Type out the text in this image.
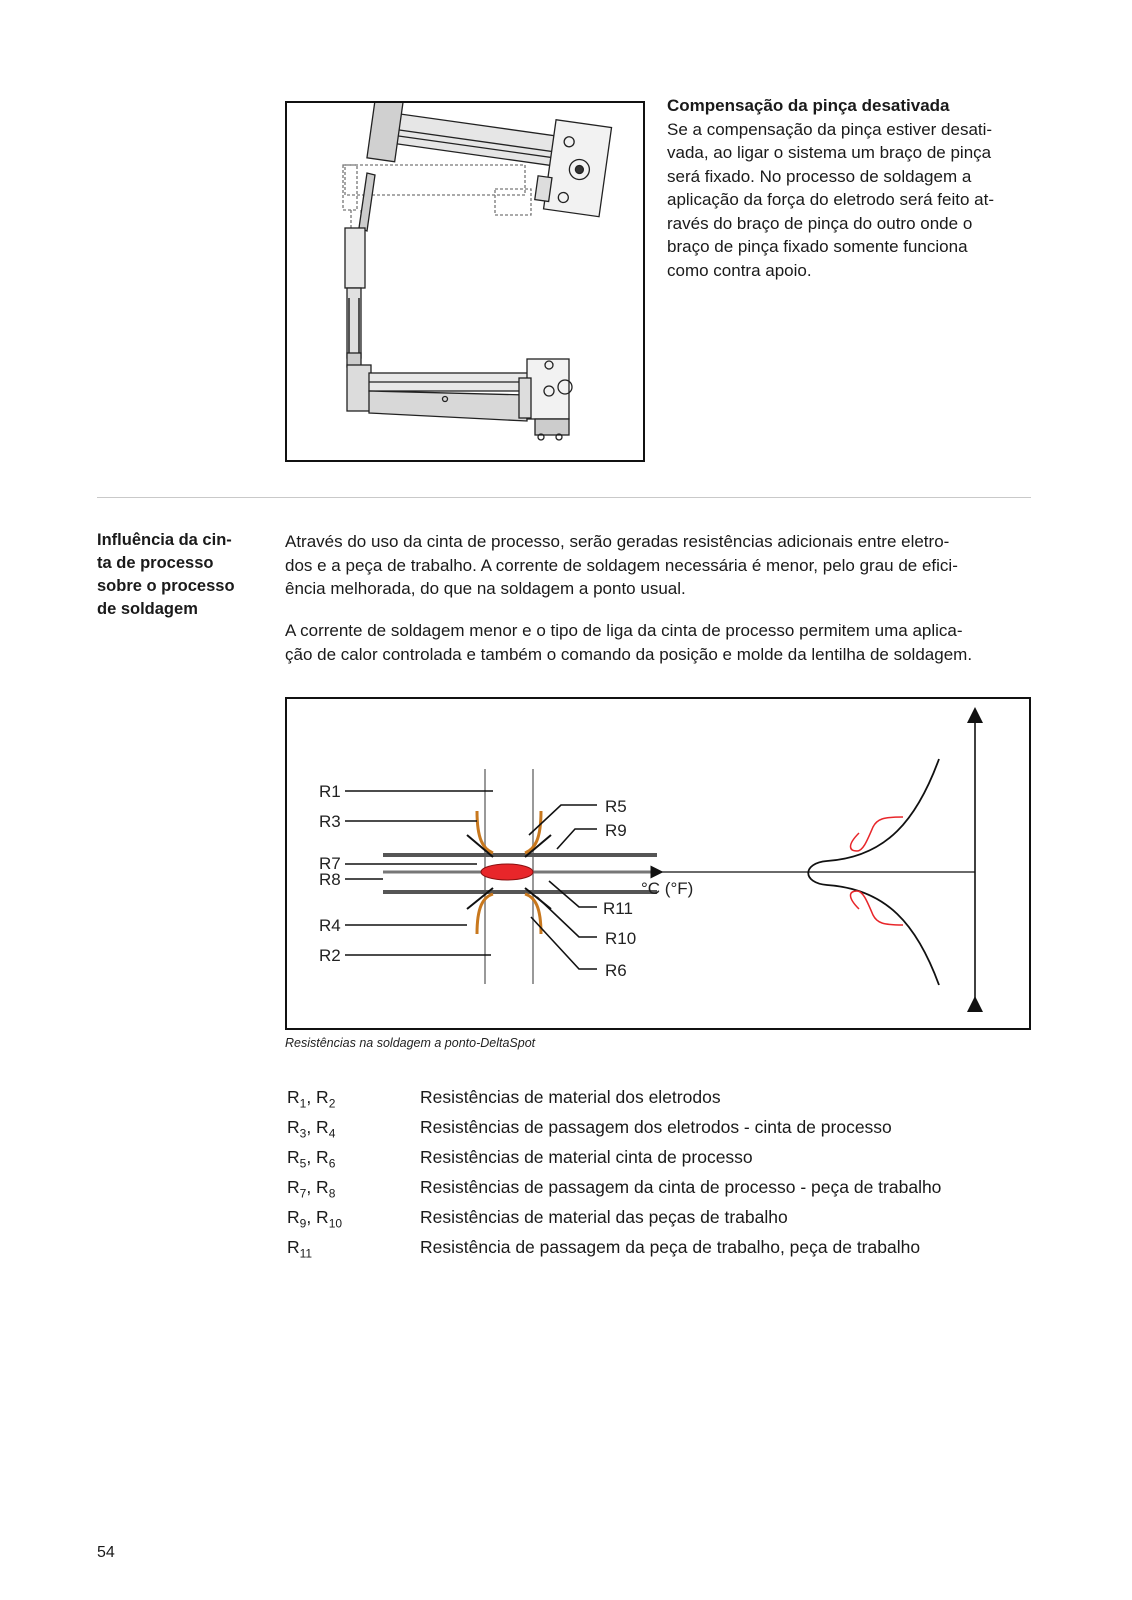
Compensação da pinça desativada

Se a compensação da pinça estiver desati-

vada, ao ligar o sistema um braço de pinça

será fixado. No processo de soldagem a

aplicação da força do eletrodo será feito at-

ravés do braço de pinça do outro onde o

braço de pinça fixado somente funciona

como contra apoio.

Influência da cin-
ta de processo
sobre o processo
de soldagem

Através do uso da cinta de processo, serão geradas resistências adicionais entre eletro-

dos e a peça de trabalho. A corrente de soldagem necessária é menor, pelo grau de efici-

ência melhorada, do que na soldagem a ponto usual.

A corrente de soldagem menor e o tipo de liga da cinta de processo permitem uma aplica-

ção de calor controlada e também o comando da posição e molde da lentilha de soldagem.

R1
R3
R7
R8
R4
R2
R5
R9
°C (°F)
R11
R10
R6
Resistências na soldagem a ponto-DeltaSpot
$R_1$, $R_2$	Resistências de material dos eletrodos
$R_3$, $R_4$	Resistências de passagem dos eletrodos - cinta de processo
$R_5$, $R_6$	Resistências de material cinta de processo
$R_7$, $R_8$	Resistências de passagem da cinta de processo - peça de trabalho
$R_9$, $R_{10}$	Resistências de material das peças de trabalho
$R_{11}$	Resistência de passagem da peça de trabalho, peça de trabalho
54
